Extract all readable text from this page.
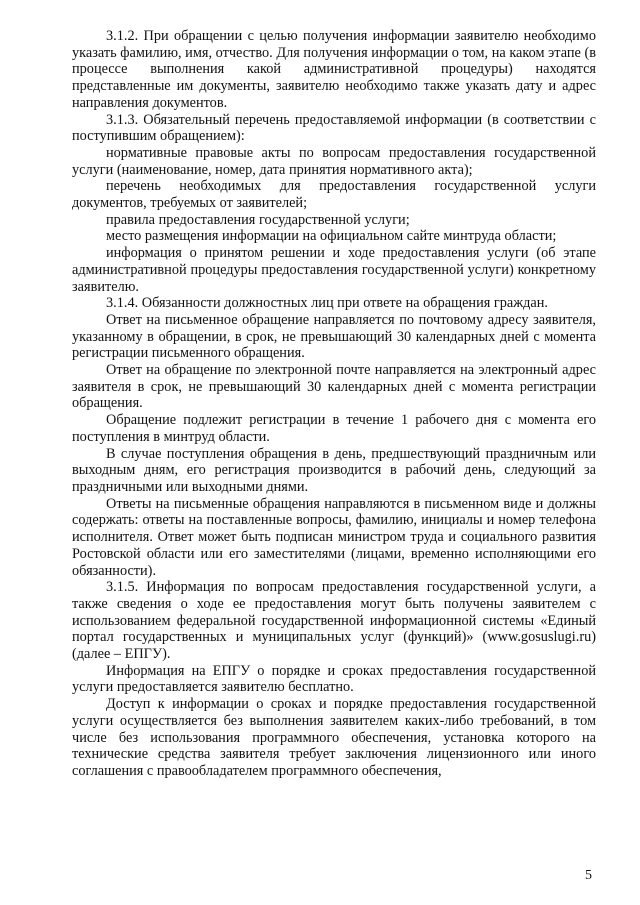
3.1.2. При обращении с целью получения информации заявителю необходимо указать фамилию, имя, отчество. Для получения информации о том, на каком этапе (в процессе выполнения какой административной процедуры) находятся представленные им документы, заявителю необходимо также указать дату и адрес направления документов.

3.1.3. Обязательный перечень предоставляемой информации (в соответствии с поступившим обращением):

нормативные правовые акты по вопросам предоставления государственной услуги (наименование, номер, дата принятия нормативного акта);

перечень необходимых для предоставления государственной услуги документов, требуемых от заявителей;

правила предоставления государственной услуги;

место размещения информации на официальном сайте минтруда области;

информация о принятом решении и ходе предоставления услуги (об этапе административной процедуры предоставления государственной услуги) конкретному заявителю.

3.1.4. Обязанности должностных лиц при ответе на обращения граждан.

Ответ на письменное обращение направляется по почтовому адресу заявителя, указанному в обращении, в срок, не превышающий 30 календарных дней с момента регистрации письменного обращения.

Ответ на обращение по электронной почте направляется на электронный адрес заявителя в срок, не превышающий 30 календарных дней с момента регистрации обращения.

Обращение подлежит регистрации в течение 1 рабочего дня с момента его поступления в минтруд области.

В случае поступления обращения в день, предшествующий праздничным или выходным дням, его регистрация производится в рабочий день, следующий за праздничными или выходными днями.

Ответы на письменные обращения направляются в письменном виде и должны содержать: ответы на поставленные вопросы, фамилию, инициалы и номер телефона исполнителя. Ответ может быть подписан министром труда и социального развития Ростовской области или его заместителями (лицами, временно исполняющими его обязанности).

3.1.5. Информация по вопросам предоставления государственной услуги, а также сведения о ходе ее предоставления могут быть получены заявителем с использованием федеральной государственной информационной системы «Единый портал государственных и муниципальных услуг (функций)» (www.gosuslugi.ru) (далее – ЕПГУ).

Информация на ЕПГУ о порядке и сроках предоставления государственной услуги предоставляется заявителю бесплатно.

Доступ к информации о сроках и порядке предоставления государственной услуги осуществляется без выполнения заявителем каких-либо требований, в том числе без использования программного обеспечения, установка которого на технические средства заявителя требует заключения лицензионного или иного соглашения с правообладателем программного обеспечения,

5
